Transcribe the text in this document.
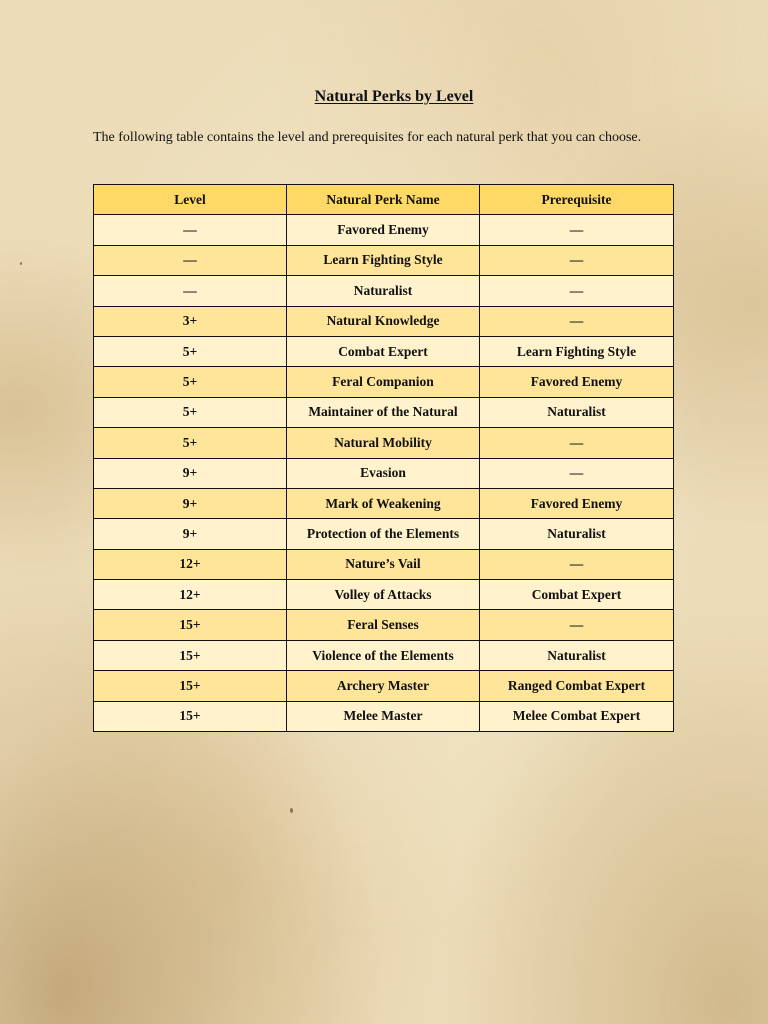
Natural Perks by Level
The following table contains the level and prerequisites for each natural perk that you can choose.
Level	Natural Perk Name	Prerequisite
—	Favored Enemy	—
—	Learn Fighting Style	—
—	Naturalist	—
3+	Natural Knowledge	—
5+	Combat Expert	Learn Fighting Style
5+	Feral Companion	Favored Enemy
5+	Maintainer of the Natural	Naturalist
5+	Natural Mobility	—
9+	Evasion	—
9+	Mark of Weakening	Favored Enemy
9+	Protection of the Elements	Naturalist
12+	Nature’s Vail	—
12+	Volley of Attacks	Combat Expert
15+	Feral Senses	—
15+	Violence of the Elements	Naturalist
15+	Archery Master	Ranged Combat Expert
15+	Melee Master	Melee Combat Expert
